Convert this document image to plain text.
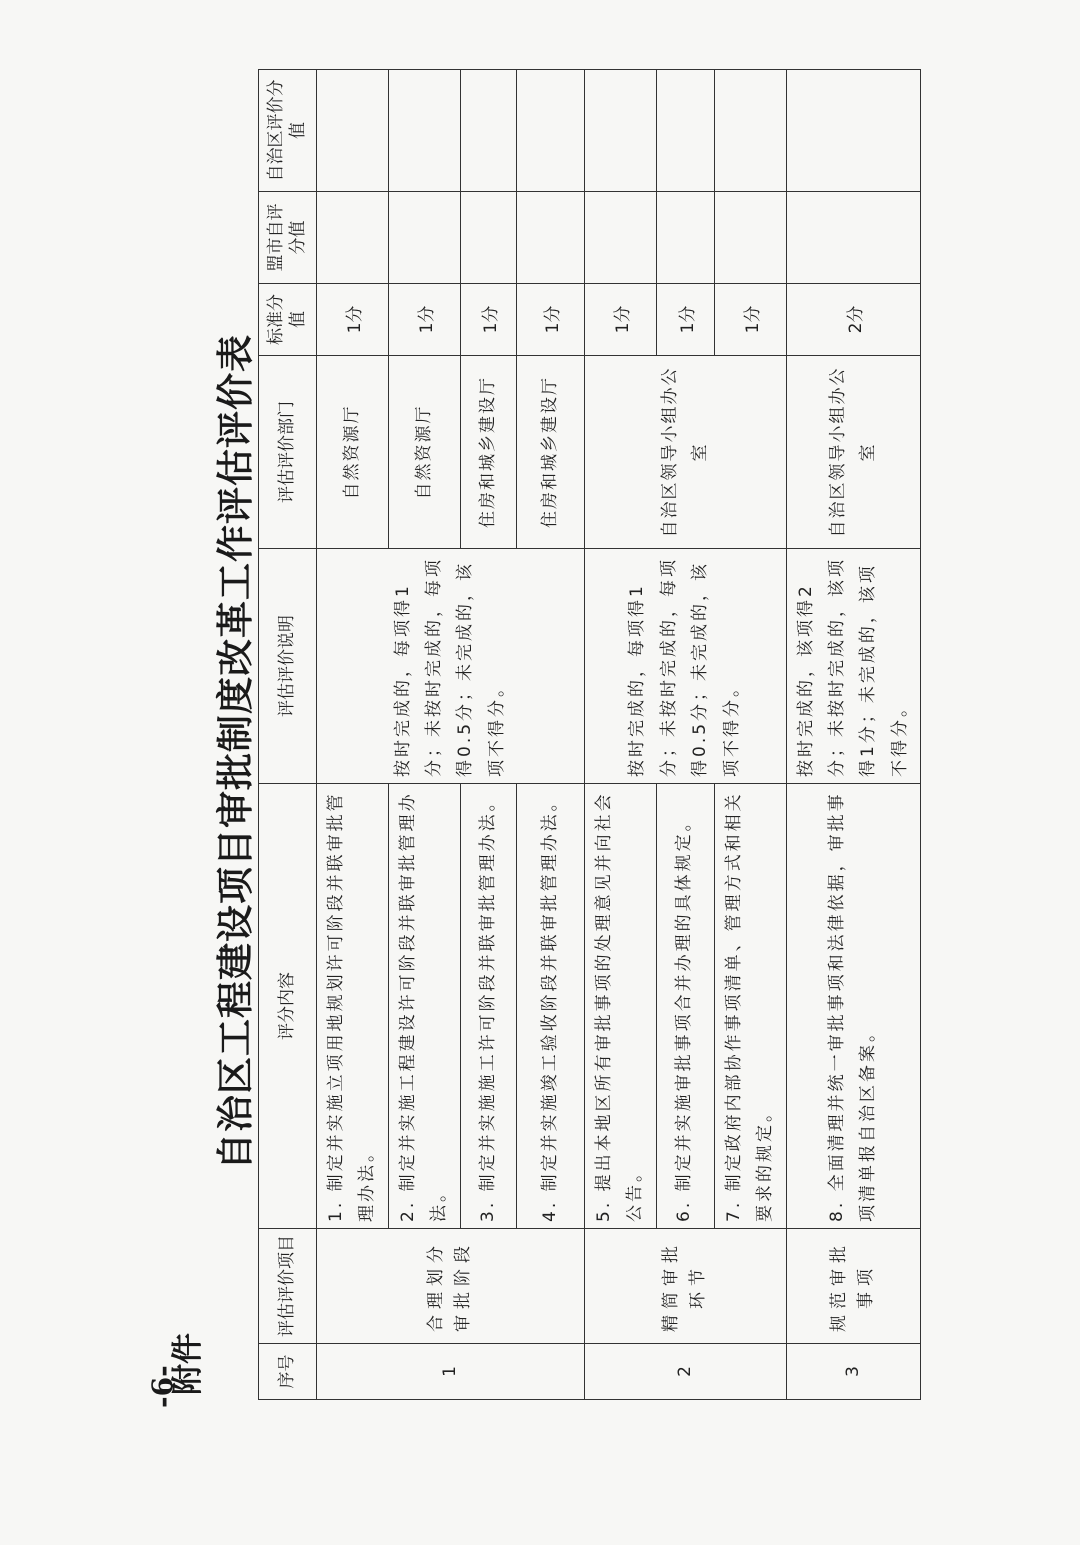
-6-
附件
自治区工程建设项目审批制度改革工作评估评价表
序号	评估评价项目	评分内容	评估评价说明	评估评价部门	标准分值	盟市自评分值	自治区评价分值
1	合理划分审批阶段	1. 制定并实施立项用地规划许可阶段并联审批管理办法。	按时完成的，每项得1分；未按时完成的，每项得0.5分；未完成的，该项不得分。	自然资源厅	1分		
		2. 制定并实施工程建设许可阶段并联审批管理办法。		自然资源厅	1分		
		3. 制定并实施施工许可阶段并联审批管理办法。		住房和城乡建设厅	1分		
		4. 制定并实施竣工验收阶段并联审批管理办法。		住房和城乡建设厅	1分		
2	精简审批环节	5. 提出本地区所有审批事项的处理意见并向社会公告。	按时完成的，每项得1分；未按时完成的，每项得0.5分；未完成的，该项不得分。	自治区领导小组办公室	1分		
		6. 制定并实施审批事项合并办理的具体规定。			1分		
		7. 制定政府内部协作事项清单、管理方式和相关要求的规定。			1分		
3	规范审批事项	8. 全面清理并统一审批事项和法律依据，审批事项清单报自治区备案。	按时完成的，该项得2分；未按时完成的，该项得1分；未完成的，该项不得分。	自治区领导小组办公室	2分		
